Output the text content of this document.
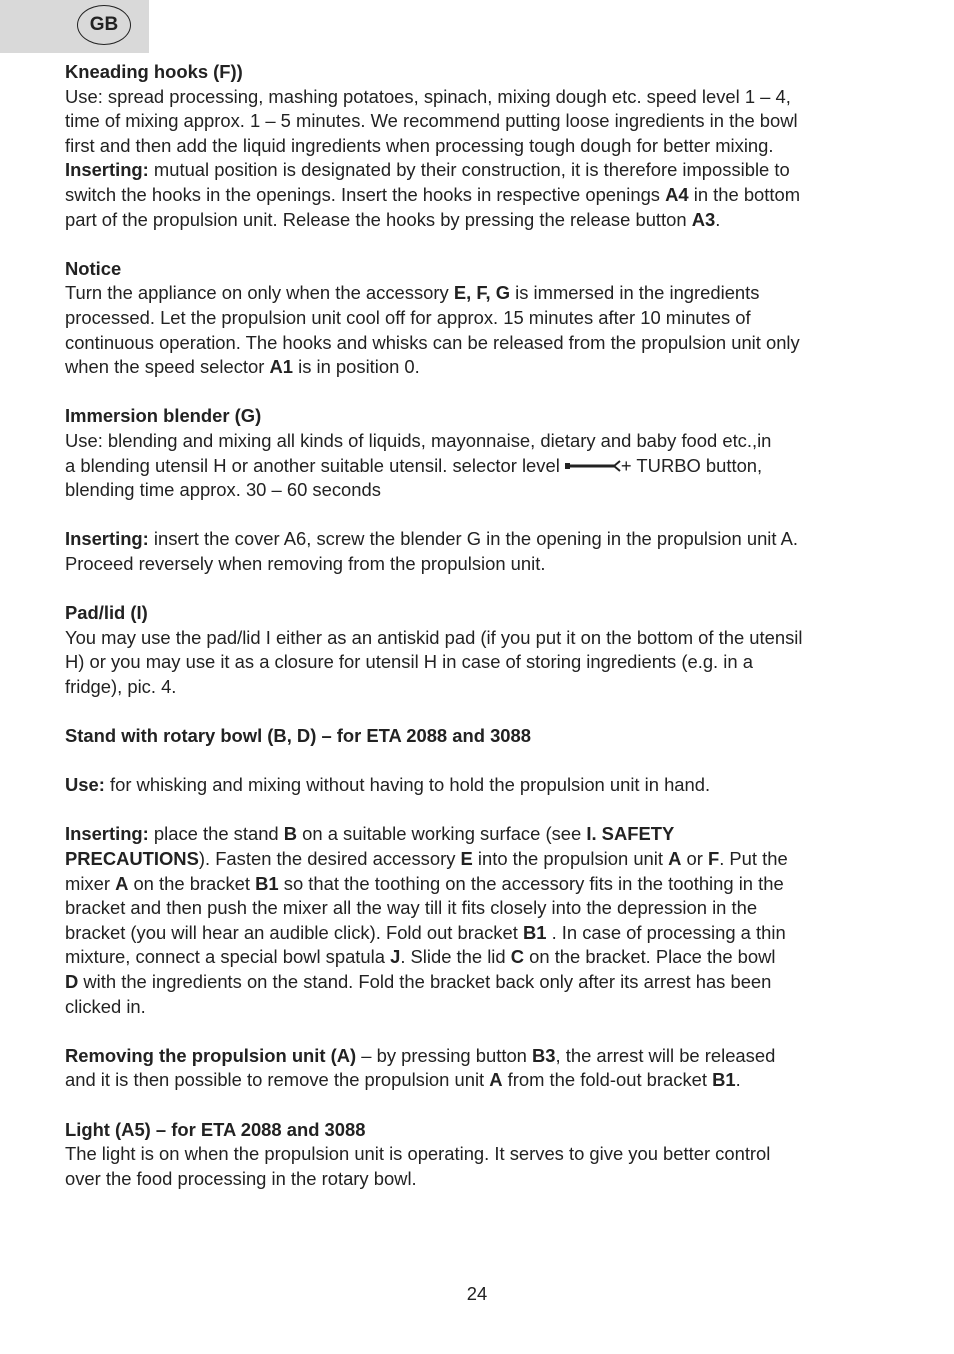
GB
Kneading hooks (F))
Use: spread processing, mashing potatoes, spinach, mixing dough etc. speed level 1 – 4,
time of mixing approx. 1 – 5 minutes. We recommend putting loose ingredients in the bowl
first and then add the liquid ingredients when processing tough dough for better mixing.
Inserting: mutual position is designated by their construction, it is therefore impossible to
switch the hooks in the openings. Insert the hooks in respective openings A4 in the bottom
part of the propulsion unit. Release the hooks by pressing the release button A3.
Notice
Turn the appliance on only when the accessory E, F, G is immersed in the ingredients
processed. Let the propulsion unit cool off for approx. 15 minutes after 10 minutes of
continuous operation. The hooks and whisks can be released from the propulsion unit only
when the speed selector A1 is in position 0.
Immersion blender (G)
Use: blending and mixing all kinds of liquids, mayonnaise, dietary and baby food etc.,in
a blending utensil H or another suitable utensil. selector level	+ TURBO button,
blending time approx. 30 – 60 seconds
Inserting: insert the cover A6, screw the blender G in the opening in the propulsion unit A.
Proceed reversely when removing from the propulsion unit.
Pad/lid (I)
You may use the pad/lid I either as an antiskid pad (if you put it on the bottom of the utensil
H) or you may use it as a closure for utensil H in case of storing ingredients (e.g. in a
fridge), pic. 4.
Stand with rotary bowl (B, D) – for ETA 2088 and 3088
Use: for whisking and mixing without having to hold the propulsion unit in hand.
Inserting: place the stand B on a suitable working surface (see I. SAFETY
PRECAUTIONS). Fasten the desired accessory E into the propulsion unit A or F. Put the
mixer A on the bracket B1 so that the toothing on the accessory fits in the toothing in the
bracket and then push the mixer all the way till it fits closely into the depression in the
bracket (you will hear an audible click). Fold out bracket B1 . In case of processing a thin
mixture, connect a special bowl spatula J. Slide the lid C on the bracket. Place the bowl
D with the ingredients on the stand. Fold the bracket back only after its arrest has been
clicked in.
Removing the propulsion unit (A) – by pressing button B3, the arrest will be released
and it is then possible to remove the propulsion unit A from the fold-out bracket B1.
Light (A5) – for ETA 2088 and 3088
The light is on when the propulsion unit is operating. It serves to give you better control
over the food processing in the rotary bowl.
24
